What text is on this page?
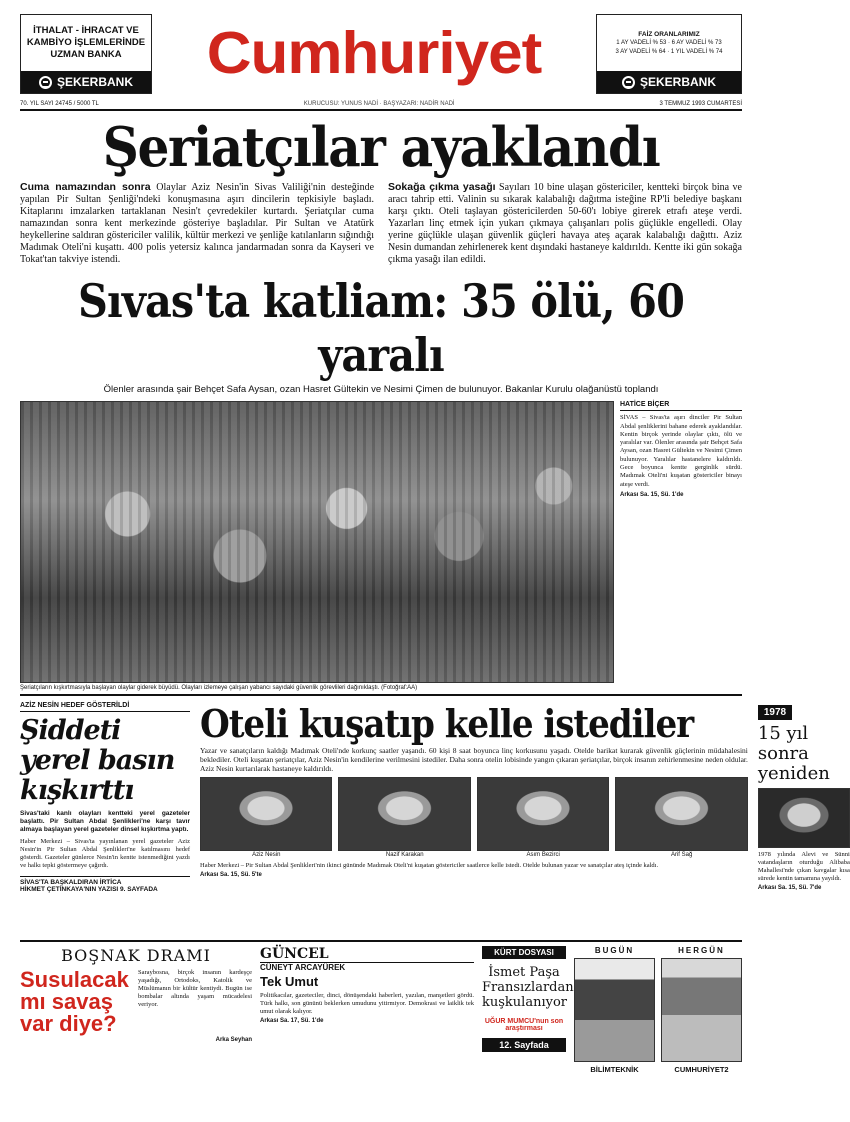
İTHALAT - İHRACAT VE KAMBİYO İŞLEMLERİNDE UZMAN BANKA
ŞEKERBANK Cumhuriyet	FAİZ ORANLARIMIZ
1 AY VADELİ % 53 · 6 AY VADELİ % 73
3 AY VADELİ % 64 · 1 YIL VADELİ % 74
ŞEKERBANK
70. YIL SAYI 24745 / 5000 TL	KURUCUSU: YUNUS NADİ · BAŞYAZARI: NADİR NADİ	3 TEMMUZ 1993 CUMARTESİ
Şeriatçılar ayaklandı

Cuma namazından sonra Olaylar Aziz Nesin'in Sivas Valiliği'nin desteğinde yapılan Pir Sultan Şenliği'ndeki konuşmasına aşırı dincilerin tepkisiyle başladı. Kitaplarını imzalarken tartaklanan Nesin't çevredekiler kurtardı. Şeriatçılar cuma namazından sonra kent merkezinde gösteriye başladılar. Pir Sultan ve Atatürk heykellerine saldıran göstericiler valilik, kültür merkezi ve şenliğe katılanların sığındığı Madımak Oteli'ni kuşattı. 400 polis yetersiz kalınca jandarmadan sonra da Kayseri ve Tokat'tan takviye istendi.

Sokağa çıkma yasağı Sayıları 10 bine ulaşan göstericiler, kentteki birçok bina ve aracı tahrip etti. Valinin su sıkarak kalabalığı dağıtma isteğine RP'li belediye başkanı karşı çıktı. Oteli taşlayan göstericilerden 50-60'ı lobiye girerek etrafı ateşe verdi. Yazarları linç etmek için yukarı çıkmaya çalışanları polis güçlükle engelledi. Olay yerine güçlükle ulaşan güvenlik güçleri havaya ateş açarak kalabalığı dağıttı. Aziz Nesin dumandan zehirlenerek kent dışındaki hastaneye kaldırıldı. Kentte iki gün sokağa çıkma yasağı ilan edildi.

Sıvas'ta katliam: 35 ölü, 60 yaralı
Ölenler arasında şair Behçet Safa Aysan, ozan Hasret Gültekin ve Nesimi Çimen de bulunuyor. Bakanlar Kurulu olağanüstü toplandı
HATİCE BİÇER

SİVAS – Sivas'ta aşırı dinciler Pir Sultan Abdal şenliklerini bahane ederek ayaklandılar. Kentin birçok yerinde olaylar çıktı, ölü ve yaralılar var. Ölenler arasında şair Behçet Safa Aysan, ozan Hasret Gültekin ve Nesimi Çimen bulunuyor. Yaralılar hastanelere kaldırıldı. Gece boyunca kentte gerginlik sürdü. Madımak Oteli'ni kuşatan göstericiler binayı ateşe verdi.

Arkası Sa. 15, Sü. 1'de

Şeriatçıların kışkırtmasıyla başlayan olaylar giderek büyüdü. Olayları izlemeye çalışan yabancı sayıdaki güvenlik görevlileri dağınıklaştı. (Fotoğraf:AA)
AZİZ NESİN HEDEF GÖSTERİLDİ
Şiddeti yerel basın kışkırttı

Sivas'taki kanlı olayları kentteki yerel gazeteler başlattı. Pir Sultan Abdal Şenlikleri'ne karşı tavır almaya başlayan yerel gazeteler dinsel kışkırtma yaptı.

Haber Merkezi – Sivas'ta yayınlanan yerel gazeteler Aziz Nesin'in Pir Sultan Abdal Şenlikleri'ne katılmasını hedef gösterdi. Gazeteler günlerce Nesin'in kentte istenmediğini yazdı ve halkı tepki göstermeye çağırdı.

SİVAS'TA BAŞKALDIRAN İRTİCA

HİKMET ÇETİNKAYA'NIN YAZISI 9. SAYFADA

Oteli kuşatıp kelle istediler

Yazar ve sanatçıların kaldığı Madımak Oteli'nde korkunç saatler yaşandı. 60 kişi 8 saat boyunca linç korkusunu yaşadı. Otelde barikat kurarak güvenlik güçlerinin müdahalesini beklediler. Oteli kuşatan şeriatçılar, Aziz Nesin'in kendilerine verilmesini istediler. Daha sonra otelin lobisinde yangın çıkaran şeriatçılar, birçok insanın zehirlenmesine neden oldular. Aziz Nesin kurtarılarak hastaneye kaldırıldı.

Aziz Nesin	Nazif Karakan	Asım Bezirci	Arif Sağ

Haber Merkezi – Pir Sultan Abdal Şenlikleri'nin ikinci gününde Madımak Oteli'ni kuşatan göstericiler saatlerce kelle istedi. Otelde bulunan yazar ve sanatçılar ateş içinde kaldı.

Arkası Sa. 15, Sü. 5'te

1978
15 yıl sonra yeniden

1978 yılında Alevi ve Sünni vatandaşların oturduğu Alibaba Mahallesi'nde çıkan kavgalar kısa sürede kentin tamamına yayıldı.

Arkası Sa. 15, Sü. 7'de

BOŞNAK DRAMI
Susulacak mı savaş var diye?

Saraybosna, birçok insanın kardeşçe yaşadığı, Ortodoks, Katolik ve Müslümanın bir kültür kentiydi. Bugün ise bombalar altında yaşam mücadelesi veriyor.

Arka Seyhan

GÜNCEL
CÜNEYT ARCAYÜREK
Tek Umut

Politikacılar, gazeteciler, dinci, dönüşendaki haberleri, yazılan, manşetleri gördü. Türk halkı, son gününü beklerken umudunu yitirmiyor. Demokrasi ve laiklik tek umut olarak kalıyor.

Arkası Sa. 17, Sü. 1'de

KÜRT DOSYASI
İsmet Paşa Fransızlardan kuşkulanıyor
UĞUR MUMCU'nun son araştırması
12. Sayfada
BUGÜN
BİLİMTEKNİK
HERGÜN
CUMHURİYET2
